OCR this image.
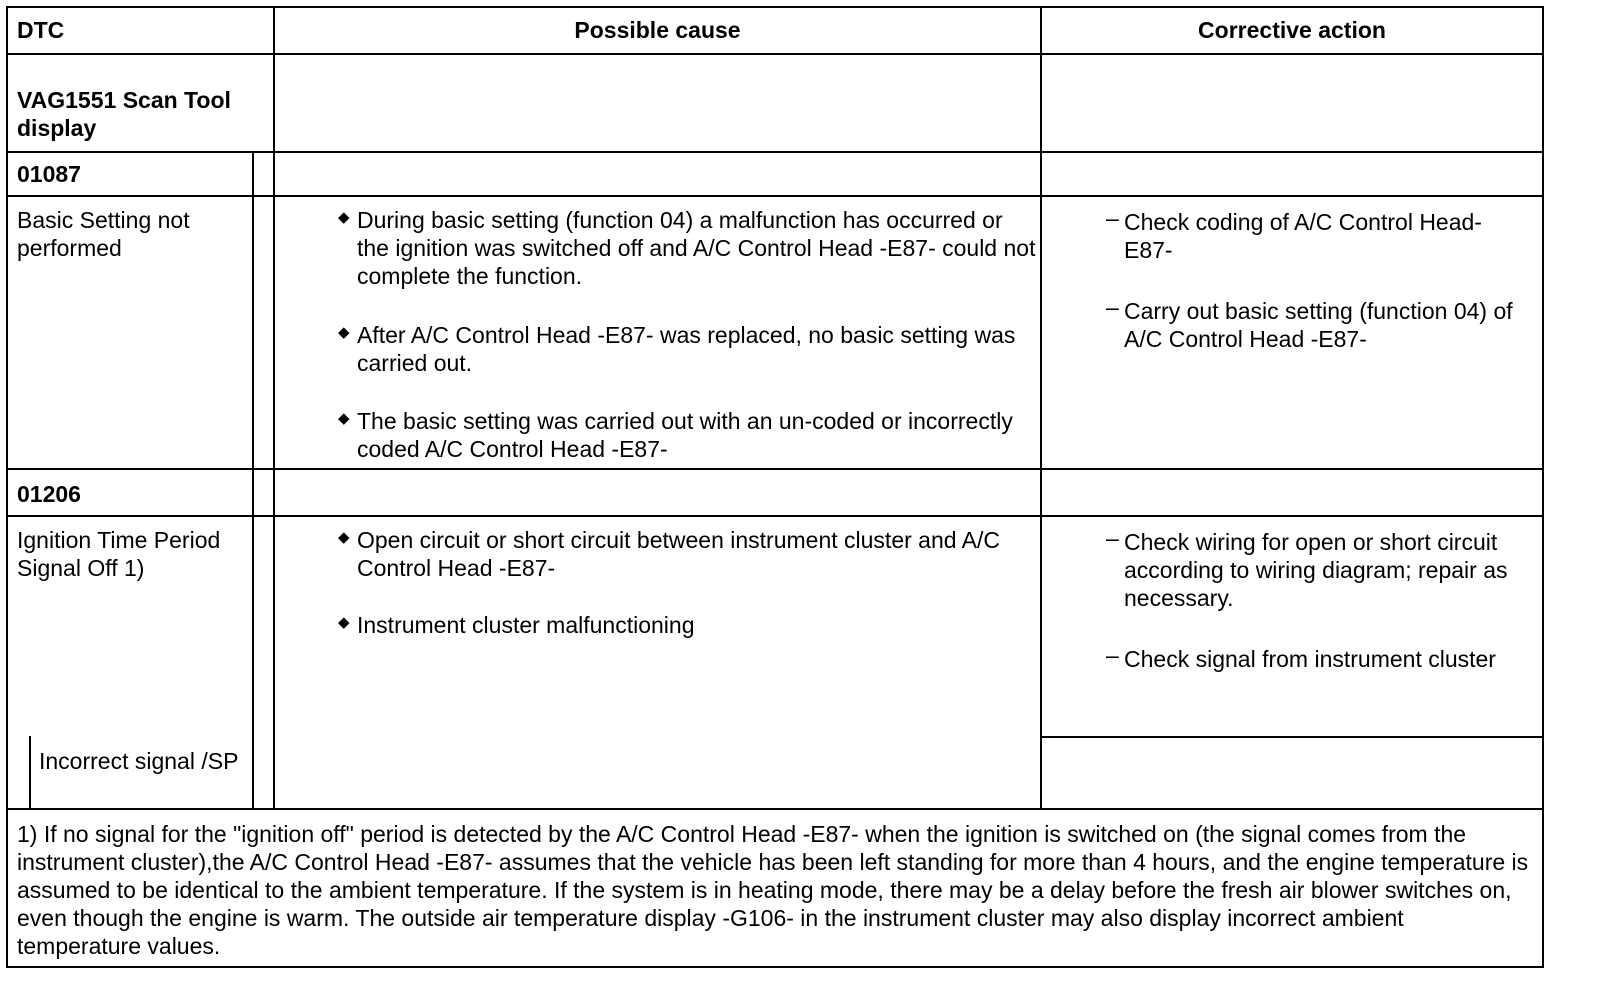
DTC	Possible cause	Corrective action
VAG1551 Scan Tool display
01087
Basic Setting not performed
◆ During basic setting (function 04) a malfunction has occurred or the ignition was switched off and A/C Control Head -E87- could not complete the function.
◆ After A/C Control Head -E87- was replaced, no basic setting was carried out.
◆ The basic setting was carried out with an un-coded or incorrectly coded A/C Control Head -E87-
– Check coding of A/C Control Head-E87-
– Carry out basic setting (function 04) of A/C Control Head -E87-
01206
Ignition Time Period Signal Off 1)
Incorrect signal /SP
◆ Open circuit or short circuit between instrument cluster and A/C Control Head -E87-
◆ Instrument cluster malfunctioning
– Check wiring for open or short circuit according to wiring diagram; repair as necessary.
– Check signal from instrument cluster
1) If no signal for the "ignition off" period is detected by the A/C Control Head -E87- when the ignition is switched on (the signal comes from the instrument cluster),the A/C Control Head -E87- assumes that the vehicle has been left standing for more than 4 hours, and the engine temperature is assumed to be identical to the ambient temperature. If the system is in heating mode, there may be a delay before the fresh air blower switches on, even though the engine is warm. The outside air temperature display -G106- in the instrument cluster may also display incorrect ambient temperature values.
